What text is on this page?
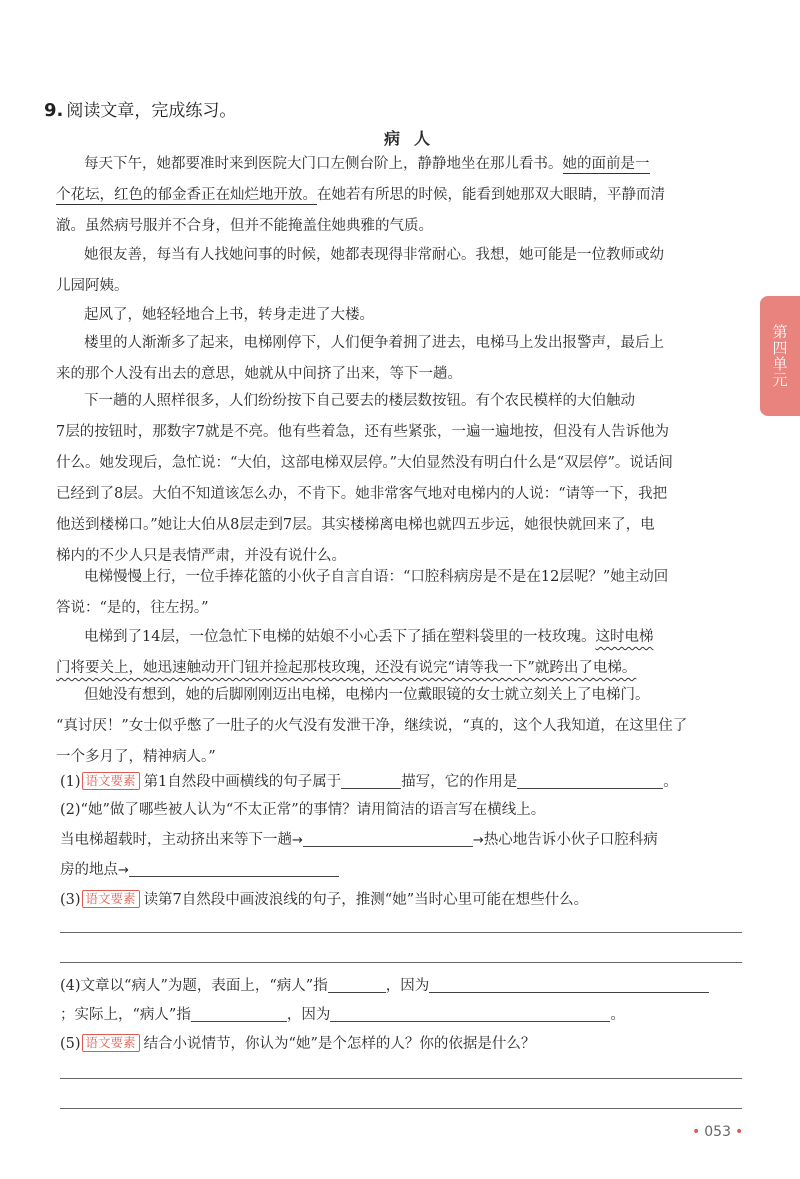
9. 阅读文章，完成练习。
病人
每天下午，她都要准时来到医院大门口左侧台阶上，静静地坐在那儿看书。她的面前是一
个花坛，红色的郁金香正在灿烂地开放。在她若有所思的时候，能看到她那双大眼睛，平静而清
澈。虽然病号服并不合身，但并不能掩盖住她典雅的气质。
她很友善，每当有人找她问事的时候，她都表现得非常耐心。我想，她可能是一位教师或幼
儿园阿姨。
起风了，她轻轻地合上书，转身走进了大楼。
楼里的人渐渐多了起来，电梯刚停下，人们便争着拥了进去，电梯马上发出报警声，最后上
来的那个人没有出去的意思，她就从中间挤了出来，等下一趟。
下一趟的人照样很多，人们纷纷按下自己要去的楼层数按钮。有个农民模样的大伯触动
7层的按钮时，那数字7就是不亮。他有些着急，还有些紧张，一遍一遍地按，但没有人告诉他为
什么。她发现后，急忙说：“大伯，这部电梯双层停。”大伯显然没有明白什么是“双层停”。说话间
已经到了8层。大伯不知道该怎么办，不肯下。她非常客气地对电梯内的人说：“请等一下，我把
他送到楼梯口。”她让大伯从8层走到7层。其实楼梯离电梯也就四五步远，她很快就回来了，电
梯内的不少人只是表情严肃，并没有说什么。
电梯慢慢上行，一位手捧花篮的小伙子自言自语：“口腔科病房是不是在12层呢？”她主动回
答说：“是的，往左拐。”
电梯到了14层，一位急忙下电梯的姑娘不小心丢下了插在塑料袋里的一枝玫瑰。这时电梯
门将要关上，她迅速触动开门钮并捡起那枝玫瑰，还没有说完“请等我一下”就跨出了电梯。
但她没有想到，她的后脚刚刚迈出电梯，电梯内一位戴眼镜的女士就立刻关上了电梯门。
“真讨厌！”女士似乎憋了一肚子的火气没有发泄干净，继续说，“真的，这个人我知道，在这里住了
一个多月了，精神病人。”
第四单元
(1) 语文要素 第1自然段中画横线的句子属于	描写，它的作用是	。
(2)“她”做了哪些被人认为“不太正常”的事情？请用简洁的语言写在横线上。
当电梯超载时，主动挤出来等下一趟→	→热心地告诉小伙子口腔科病
房的地点→
(3) 语文要素 读第7自然段中画波浪线的句子，推测“她”当时心里可能在想些什么。
(4)文章以“病人”为题，表面上，“病人”指	，因为
；实际上，“病人”指	，因为	。
(5) 语文要素 结合小说情节，你认为“她”是个怎样的人？你的依据是什么？
• 053 •
